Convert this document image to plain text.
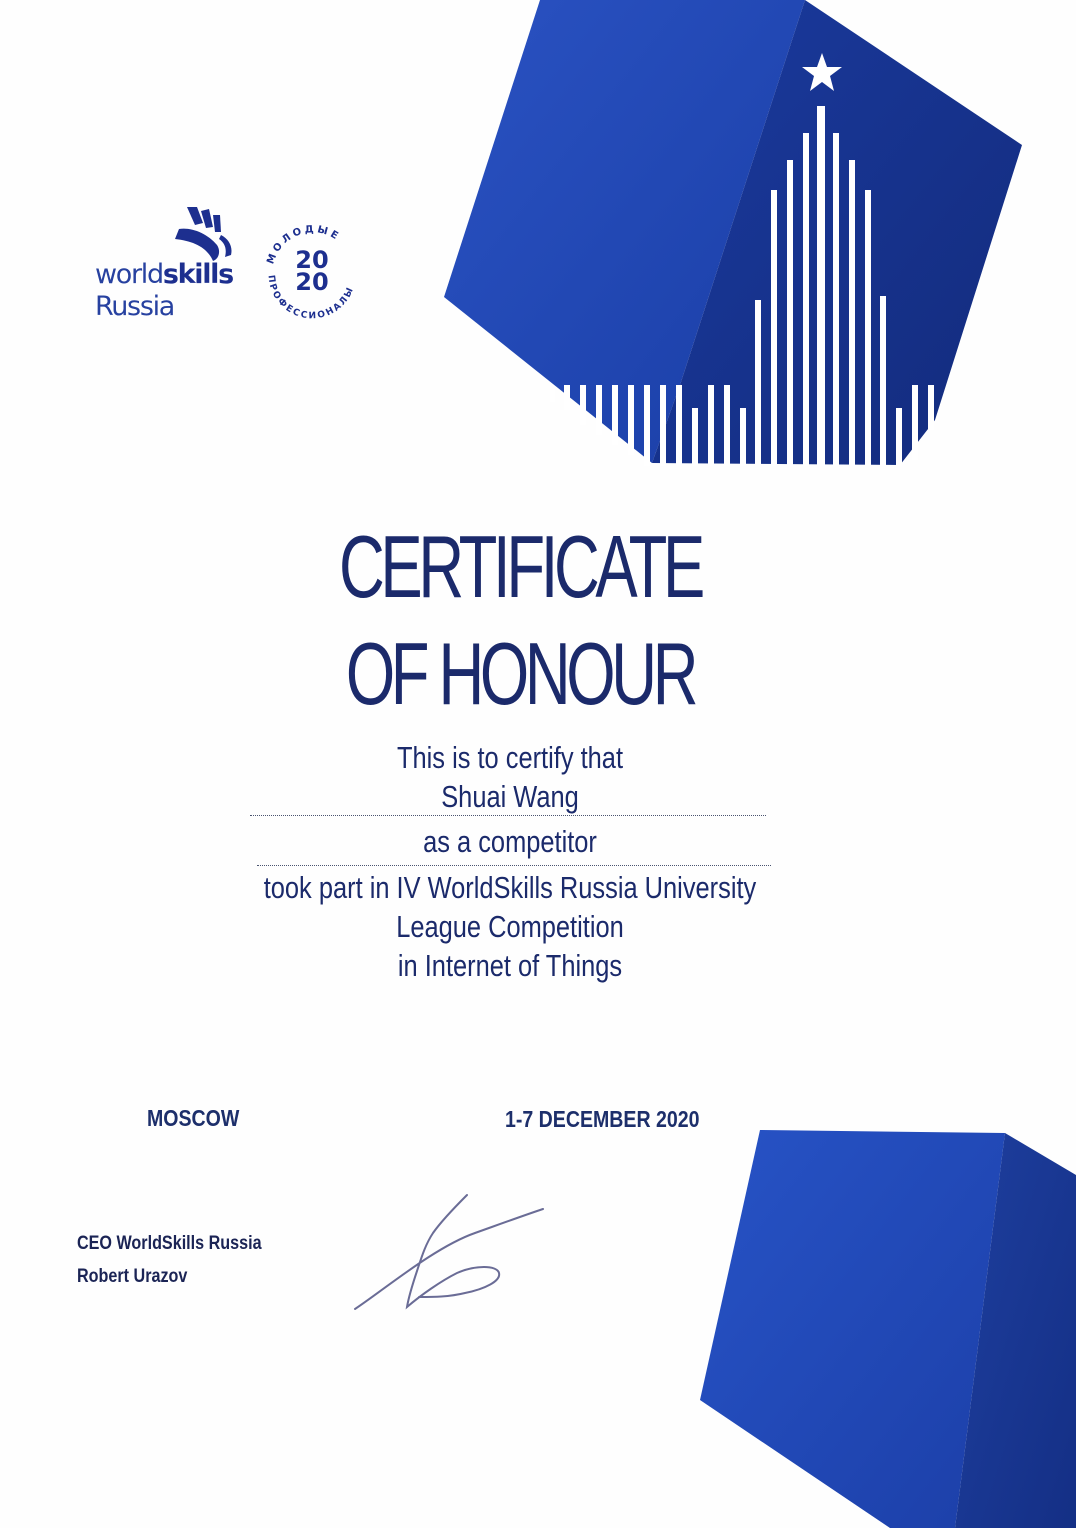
worldskills
Russia
МОЛОДЫЕ
ПРОФЕССИОНАЛЫ
20
20
CERTIFICATE
OF HONOUR
This is to certify that
Shuai Wang
as a competitor
took part in IV WorldSkills Russia University
League Competition
in Internet of Things
MOSCOW	1-7 DECEMBER 2020
CEO WorldSkills Russia
Robert Urazov
